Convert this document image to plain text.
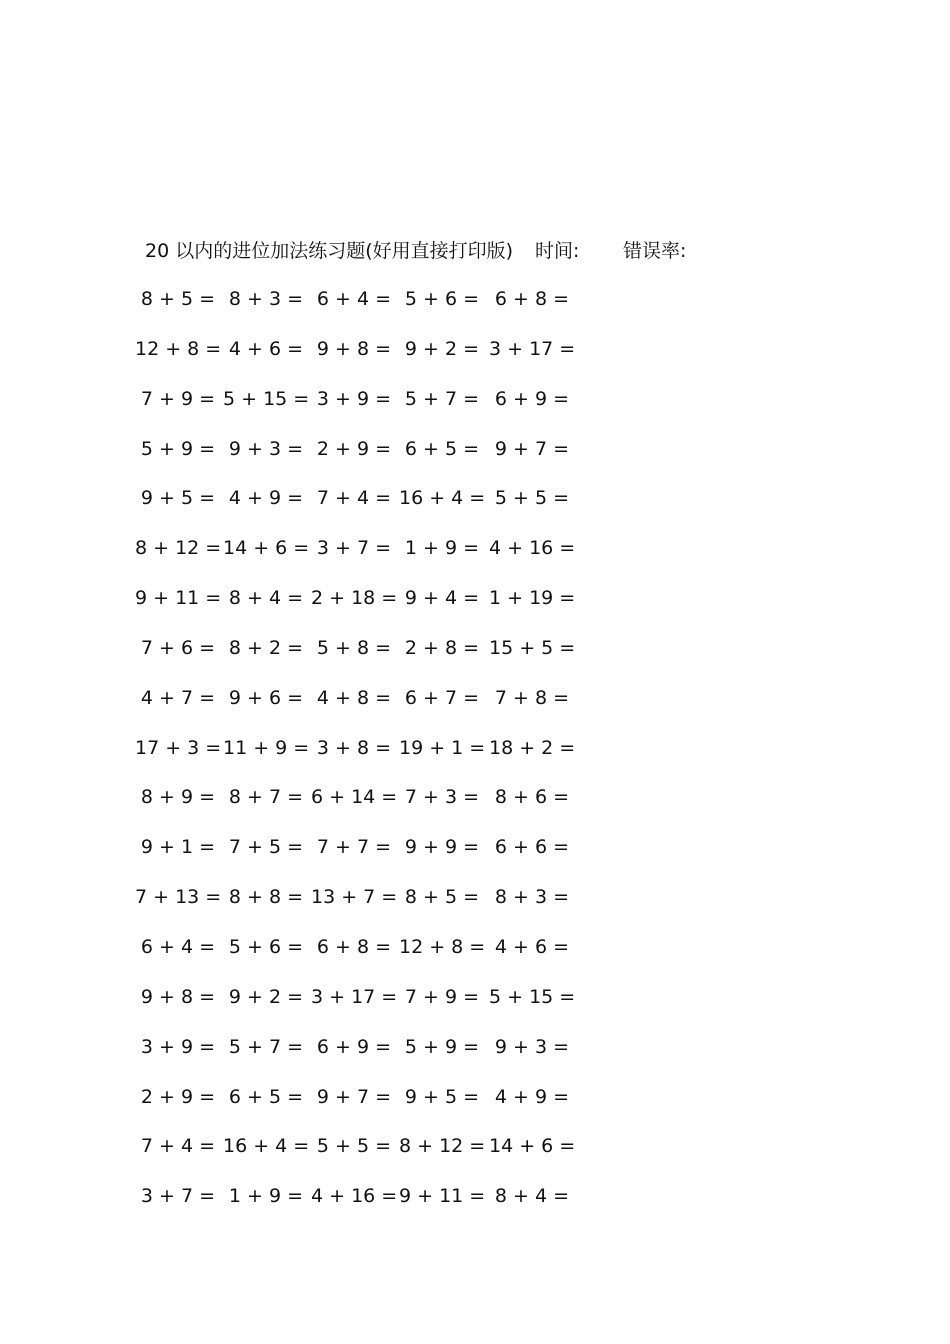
20 以内的进位加法练习题(好用直接打印版) 时间: 错误率:
8 + 5 = 8 + 3 = 6 + 4 = 5 + 6 = 6 + 8 =
12 + 8 = 4 + 6 = 9 + 8 = 9 + 2 = 3 + 17 =
7 + 9 = 5 + 15 = 3 + 9 = 5 + 7 = 6 + 9 =
5 + 9 = 9 + 3 = 2 + 9 = 6 + 5 = 9 + 7 =
9 + 5 = 4 + 9 = 7 + 4 = 16 + 4 = 5 + 5 =
8 + 12 = 14 + 6 = 3 + 7 = 1 + 9 = 4 + 16 =
9 + 11 = 8 + 4 = 2 + 18 = 9 + 4 = 1 + 19 =
7 + 6 = 8 + 2 = 5 + 8 = 2 + 8 = 15 + 5 =
4 + 7 = 9 + 6 = 4 + 8 = 6 + 7 = 7 + 8 =
17 + 3 = 11 + 9 = 3 + 8 = 19 + 1 = 18 + 2 =
8 + 9 = 8 + 7 = 6 + 14 = 7 + 3 = 8 + 6 =
9 + 1 = 7 + 5 = 7 + 7 = 9 + 9 = 6 + 6 =
7 + 13 = 8 + 8 = 13 + 7 = 8 + 5 = 8 + 3 =
6 + 4 = 5 + 6 = 6 + 8 = 12 + 8 = 4 + 6 =
9 + 8 = 9 + 2 = 3 + 17 = 7 + 9 = 5 + 15 =
3 + 9 = 5 + 7 = 6 + 9 = 5 + 9 = 9 + 3 =
2 + 9 = 6 + 5 = 9 + 7 = 9 + 5 = 4 + 9 =
7 + 4 = 16 + 4 = 5 + 5 = 8 + 12 = 14 + 6 =
3 + 7 = 1 + 9 = 4 + 16 = 9 + 11 = 8 + 4 =
